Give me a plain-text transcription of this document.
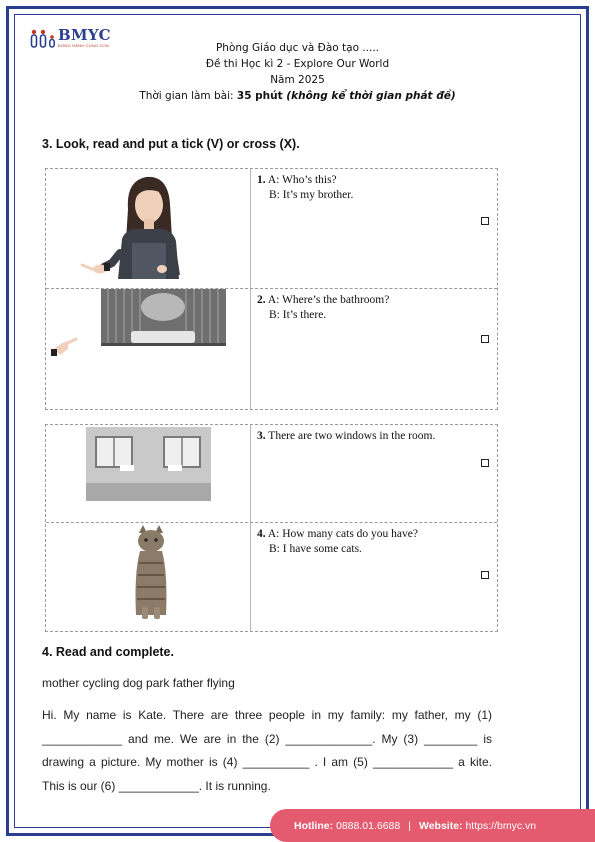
BMYC
ĐỒNG HÀNH CÙNG CON	Phòng Giáo dục và Đào tạo .....
Đề thi Học kì 2 - Explore Our World
Năm 2025
Thời gian làm bài: 35 phút (không kể thời gian phát đề)
3. Look, read and put a tick (V) or cross (X).
1. A: Who’s this?
B: It’s my brother.
2. A: Where’s the bathroom?
B: It’s there.
3. There are two windows in the room.
4. A: How many cats do you have?
B: I have some cats.
4. Read and complete.
mother cycling dog park father flying
Hi. My name is Kate. There are three people in my family: my father, my (1) ____________ and me. We are in the (2) _____________. My (3) ________ is drawing a picture. My mother is (4) __________ . I am (5) ____________ a kite. This is our (6) ____________. It is running.
Hotline:
0888.01.6688 | Website:
https://bmyc.vn
